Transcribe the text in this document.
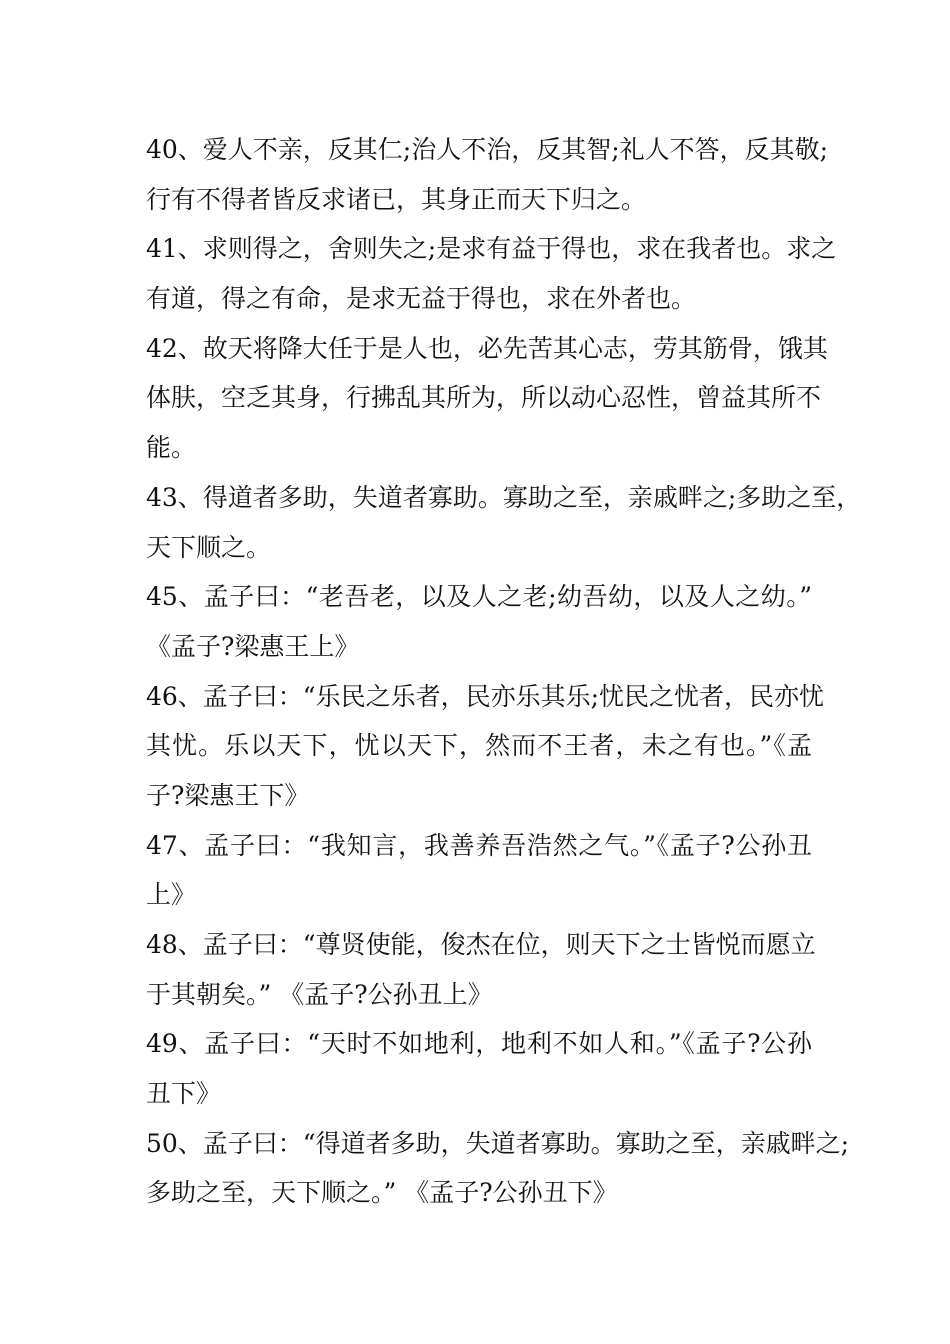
40、爱人不亲，反其仁;治人不治，反其智;礼人不答，反其敬;
行有不得者皆反求诸已，其身正而天下归之。
41、求则得之，舍则失之;是求有益于得也，求在我者也。求之
有道，得之有命，是求无益于得也，求在外者也。
42、故天将降大任于是人也，必先苦其心志，劳其筋骨，饿其
体肤，空乏其身，行拂乱其所为，所以动心忍性，曾益其所不
能。
43、得道者多助，失道者寡助。寡助之至，亲戚畔之;多助之至，
天下顺之。
45、孟子曰：“老吾老，以及人之老;幼吾幼，以及人之幼。”
《孟子?梁惠王上》
46、孟子曰：“乐民之乐者，民亦乐其乐;忧民之忧者，民亦忧
其忧。乐以天下，忧以天下，然而不王者，未之有也。”《孟
子?梁惠王下》
47、孟子曰：“我知言，我善养吾浩然之气。”《孟子?公孙丑
上》
48、孟子曰：“尊贤使能，俊杰在位，则天下之士皆悦而愿立
于其朝矣。” 《孟子?公孙丑上》
49、孟子曰：“天时不如地利，地利不如人和。”《孟子?公孙
丑下》
50、孟子曰：“得道者多助，失道者寡助。寡助之至，亲戚畔之;
多助之至，天下顺之。” 《孟子?公孙丑下》
